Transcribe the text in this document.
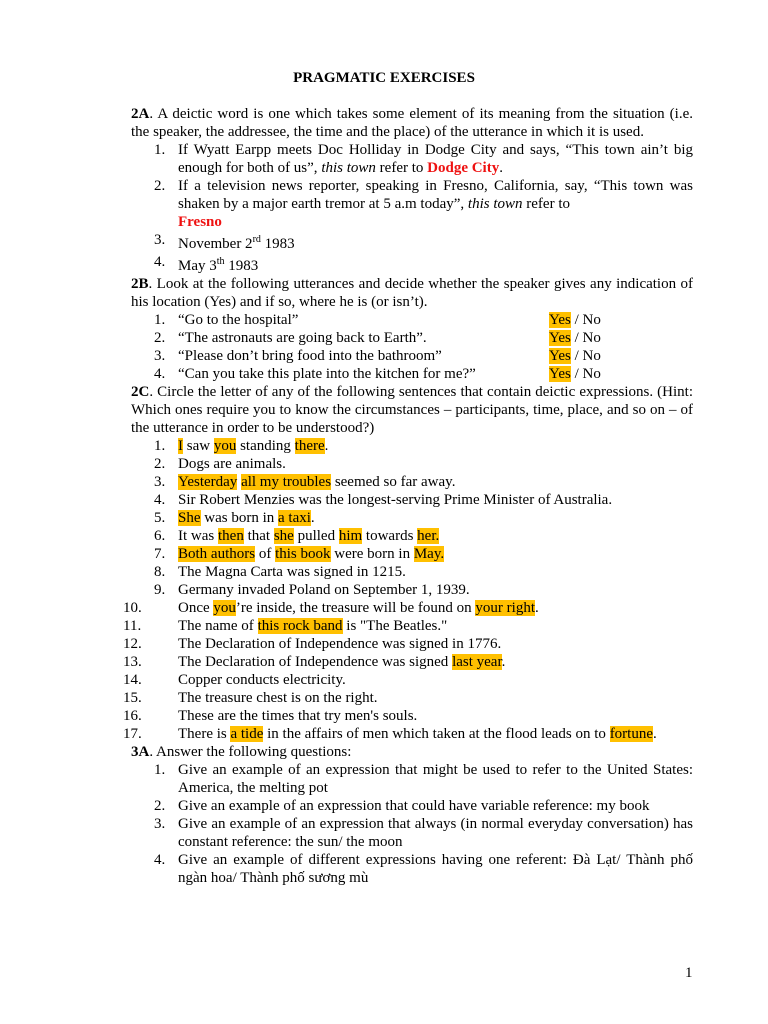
PRAGMATIC EXERCISES
2A. A deictic word is one which takes some element of its meaning from the situation (i.e. the speaker, the addressee, the time and the place) of the utterance in which it is used.
1. If Wyatt Earpp meets Doc Holliday in Dodge City and says, “This town ain’t big enough for both of us”, this town refer to Dodge City.
2. If a television news reporter, speaking in Fresno, California, say, “This town was shaken by a major earth tremor at 5 a.m today”, this town refer to
Fresno
3. November 2rd 1983
4. May 3th 1983
2B. Look at the following utterances and decide whether the speaker gives any indication of his location (Yes) and if so, where he is (or isn’t).
1. “Go to the hospital”	Yes / No
2. “The astronauts are going back to Earth”.	Yes / No
3. “Please don’t bring food into the bathroom”	Yes / No
4. “Can you take this plate into the kitchen for me?”	Yes / No
2C. Circle the letter of any of the following sentences that contain deictic expressions. (Hint: Which ones require you to know the circumstances – participants, time, place, and so on – of the utterance in order to be understood?)
1. I saw you standing there.
2. Dogs are animals.
3. Yesterday all my troubles seemed so far away.
4. Sir Robert Menzies was the longest-serving Prime Minister of Australia.
5. She was born in a taxi.
6. It was then that she pulled him towards her.
7. Both authors of this book were born in May.
8. The Magna Carta was signed in 1215.
9. Germany invaded Poland on September 1, 1939.
10. Once you’re inside, the treasure will be found on your right.
11. The name of this rock band is "The Beatles."
12. The Declaration of Independence was signed in 1776.
13. The Declaration of Independence was signed last year.
14. Copper conducts electricity.
15. The treasure chest is on the right.
16. These are the times that try men's souls.
17. There is a tide in the affairs of men which taken at the flood leads on to fortune.
3A. Answer the following questions:
1. Give an example of an expression that might be used to refer to the United States: America, the melting pot
2. Give an example of an expression that could have variable reference: my book
3. Give an example of an expression that always (in normal everyday conversation) has constant reference: the sun/ the moon
4. Give an example of different expressions having one referent: Đà Lạt/ Thành phố ngàn hoa/ Thành phố sương mù
1
